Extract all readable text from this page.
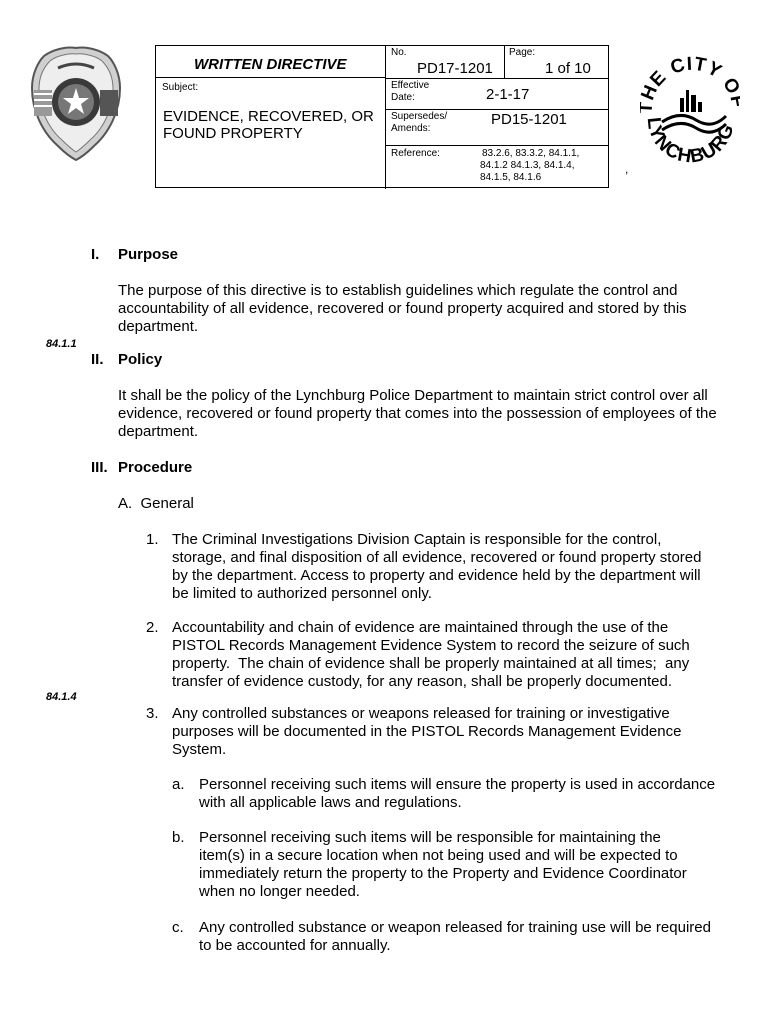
WRITTEN DIRECTIVE
No.
PD17-1201
Page:
1 of 10
Subject:
EVIDENCE, RECOVERED, OR
FOUND PROPERTY
Effective
Date:	2-1-17
Supersedes/
Amends:
PD15-1201
Reference:	83.2.6, 83.3.2, 84.1.1,
84.1.2 84.1.3, 84.1.4,
84.1.5, 84.1.6
E CITY
LYNCHBURG
,
I. Purpose
The purpose of this directive is to establish guidelines which regulate the control and
accountability of all evidence, recovered or found property acquired and stored by this
department.
84.1.1
II. Policy
It shall be the policy of the Lynchburg Police Department to maintain strict control over all
evidence, recovered or found property that comes into the possession of employees of the
department.
III. Procedure
A.  General
1. The Criminal Investigations Division Captain is responsible for the control,
storage, and final disposition of all evidence, recovered or found property stored
by the department. Access to property and evidence held by the department will
be limited to authorized personnel only.
2. Accountability and chain of evidence are maintained through the use of the
PISTOL Records Management Evidence System to record the seizure of such
property.  The chain of evidence shall be properly maintained at all times;  any
transfer of evidence custody, for any reason, shall be properly documented.
84.1.4
3. Any controlled substances or weapons released for training or investigative
purposes will be documented in the PISTOL Records Management Evidence
System.
a. Personnel receiving such items will ensure the property is used in accordance
with all applicable laws and regulations.
b. Personnel receiving such items will be responsible for maintaining the
item(s) in a secure location when not being used and will be expected to
immediately return the property to the Property and Evidence Coordinator
when no longer needed.
c. Any controlled substance or weapon released for training use will be required
to be accounted for annually.
